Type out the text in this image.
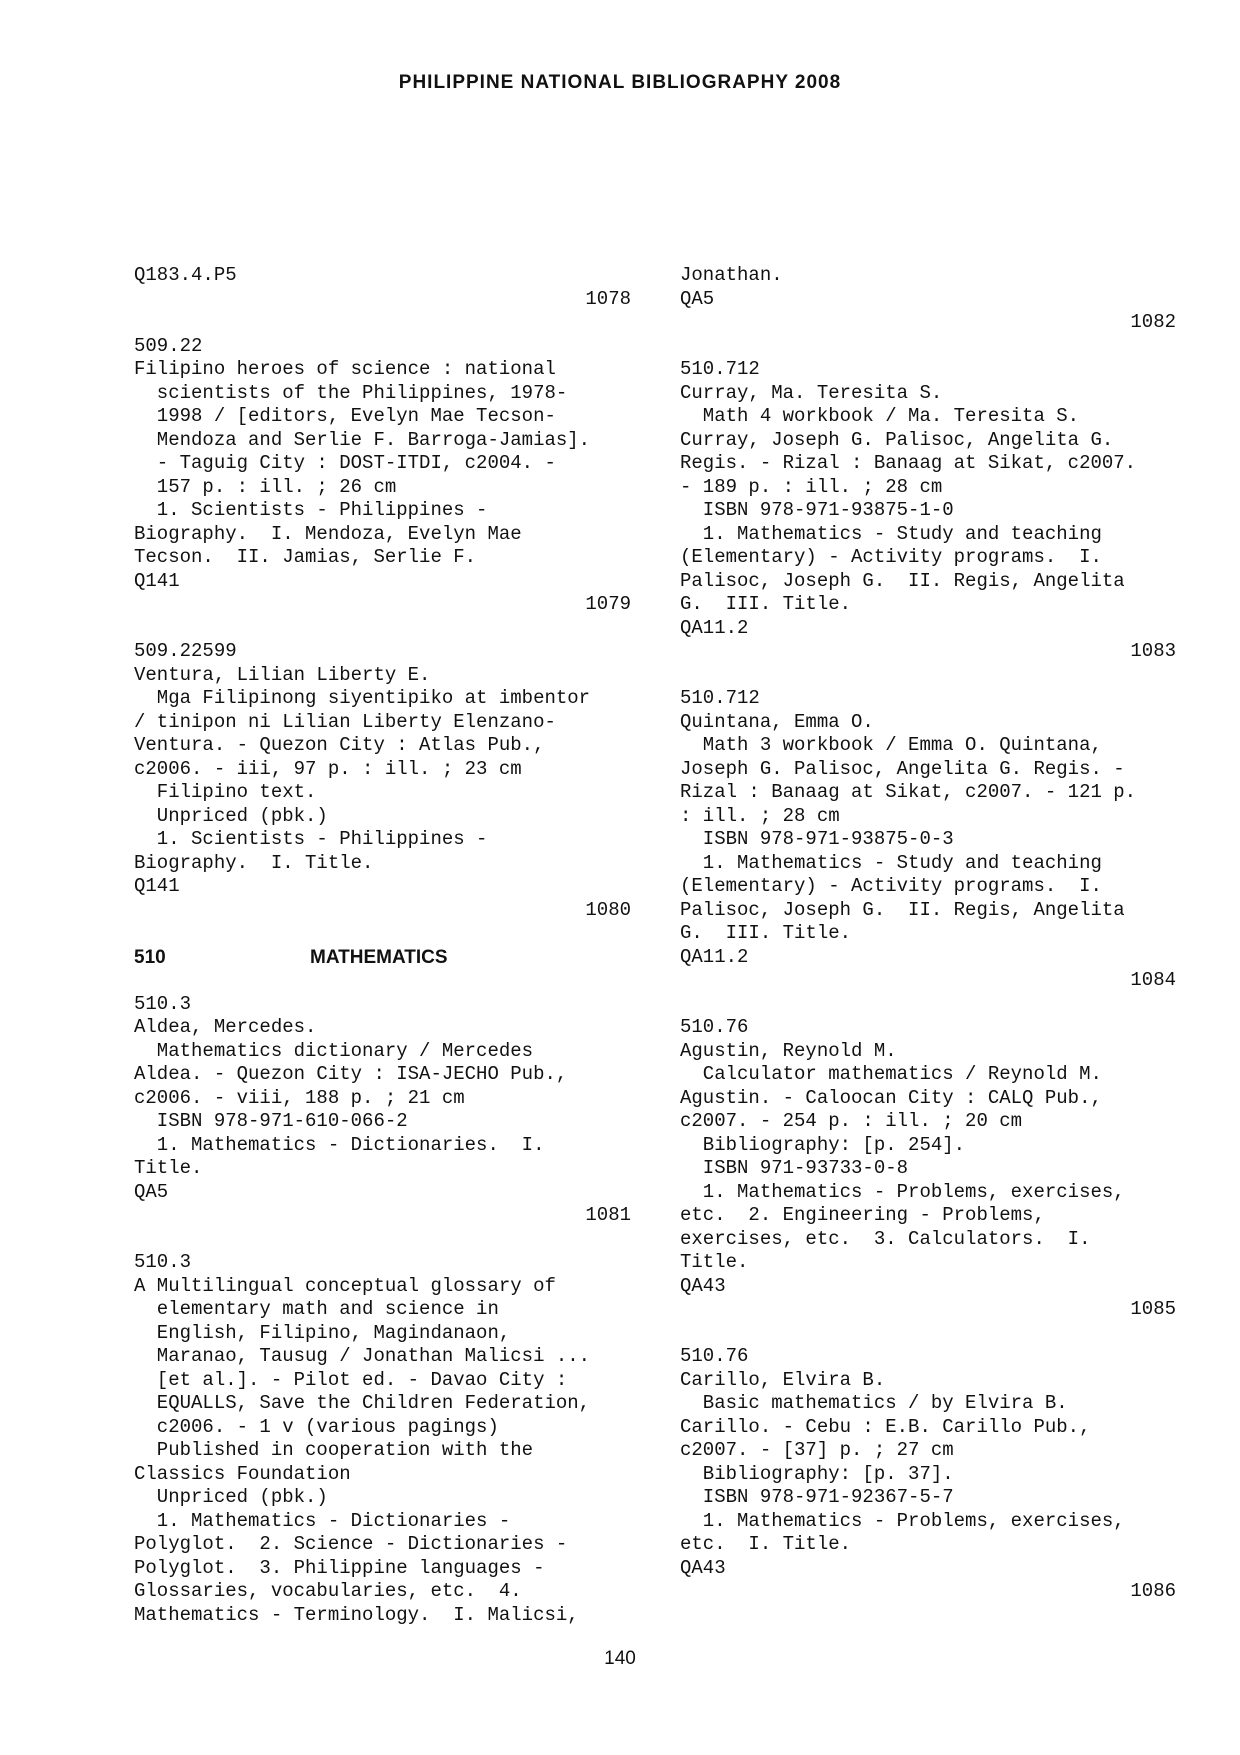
PHILIPPINE NATIONAL BIBLIOGRAPHY 2008
Q183.4.P5
1078
509.22
Filipino heroes of science : national
scientists of the Philippines, 1978-
1998 / [editors, Evelyn Mae Tecson-
Mendoza and Serlie F. Barroga-Jamias].
- Taguig City : DOST-ITDI, c2004. -
157 p. : ill. ; 26 cm
1. Scientists - Philippines -
Biography.  I. Mendoza, Evelyn Mae
Tecson.  II. Jamias, Serlie F.
Q141
1079
509.22599
Ventura, Lilian Liberty E.
Mga Filipinong siyentipiko at imbentor
/ tinipon ni Lilian Liberty Elenzano-
Ventura. - Quezon City : Atlas Pub.,
c2006. - iii, 97 p. : ill. ; 23 cm
Filipino text.
Unpriced (pbk.)
1. Scientists - Philippines -
Biography.  I. Title.
Q141
1080
510	MATHEMATICS
510.3
Aldea, Mercedes.
Mathematics dictionary / Mercedes
Aldea. - Quezon City : ISA-JECHO Pub.,
c2006. - viii, 188 p. ; 21 cm
ISBN 978-971-610-066-2
1. Mathematics - Dictionaries.  I.
Title.
QA5
1081
510.3
A Multilingual conceptual glossary of
elementary math and science in
English, Filipino, Magindanaon,
Maranao, Tausug / Jonathan Malicsi ...
[et al.]. - Pilot ed. - Davao City :
EQUALLS, Save the Children Federation,
c2006. - 1 v (various pagings)
Published in cooperation with the
Classics Foundation
Unpriced (pbk.)
1. Mathematics - Dictionaries -
Polyglot.  2. Science - Dictionaries -
Polyglot.  3. Philippine languages -
Glossaries, vocabularies, etc.  4.
Mathematics - Terminology.  I. Malicsi,
Jonathan.
QA5
1082
510.712
Curray, Ma. Teresita S.
Math 4 workbook / Ma. Teresita S.
Curray, Joseph G. Palisoc, Angelita G.
Regis. - Rizal : Banaag at Sikat, c2007.
- 189 p. : ill. ; 28 cm
ISBN 978-971-93875-1-0
1. Mathematics - Study and teaching
(Elementary) - Activity programs.  I.
Palisoc, Joseph G.  II. Regis, Angelita
G.  III. Title.
QA11.2
1083
510.712
Quintana, Emma O.
Math 3 workbook / Emma O. Quintana,
Joseph G. Palisoc, Angelita G. Regis. -
Rizal : Banaag at Sikat, c2007. - 121 p.
: ill. ; 28 cm
ISBN 978-971-93875-0-3
1. Mathematics - Study and teaching
(Elementary) - Activity programs.  I.
Palisoc, Joseph G.  II. Regis, Angelita
G.  III. Title.
QA11.2
1084
510.76
Agustin, Reynold M.
Calculator mathematics / Reynold M.
Agustin. - Caloocan City : CALQ Pub.,
c2007. - 254 p. : ill. ; 20 cm
Bibliography: [p. 254].
ISBN 971-93733-0-8
1. Mathematics - Problems, exercises,
etc.  2. Engineering - Problems,
exercises, etc.  3. Calculators.  I.
Title.
QA43
1085
510.76
Carillo, Elvira B.
Basic mathematics / by Elvira B.
Carillo. - Cebu : E.B. Carillo Pub.,
c2007. - [37] p. ; 27 cm
Bibliography: [p. 37].
ISBN 978-971-92367-5-7
1. Mathematics - Problems, exercises,
etc.  I. Title.
QA43
1086
140
